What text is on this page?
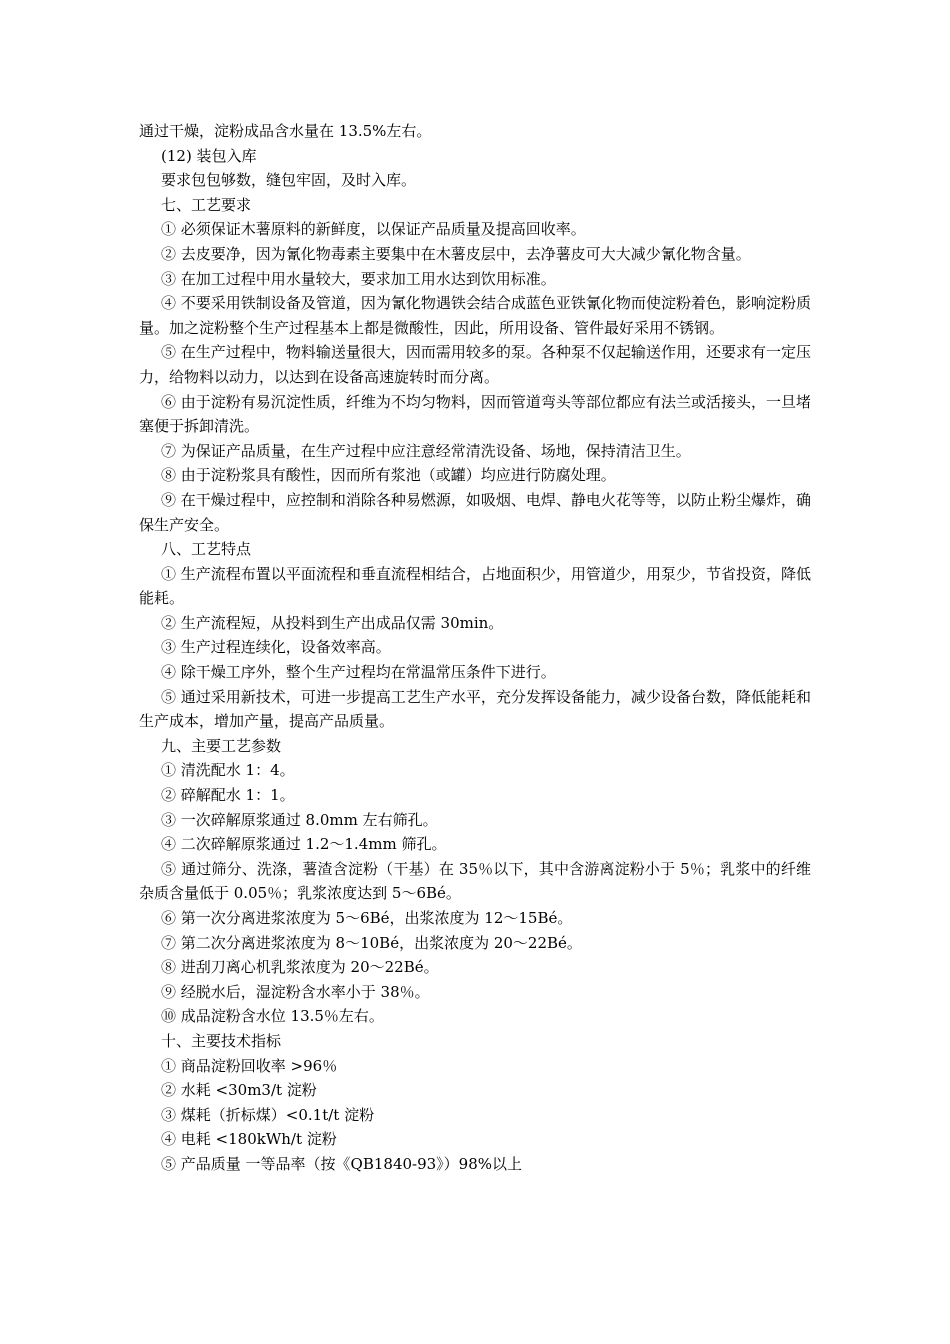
通过干燥，淀粉成品含水量在 13.5%左右。

(12) 装包入库

要求包包够数，缝包牢固，及时入库。

七、工艺要求

① 必须保证木薯原料的新鲜度，以保证产品质量及提高回收率。

② 去皮要净，因为氰化物毒素主要集中在木薯皮层中，去净薯皮可大大减少氰化物含量。

③ 在加工过程中用水量较大，要求加工用水达到饮用标准。

④ 不要采用铁制设备及管道，因为氰化物遇铁会结合成蓝色亚铁氰化物而使淀粉着色，影响淀粉质量。加之淀粉整个生产过程基本上都是微酸性，因此，所用设备、管件最好采用不锈钢。

⑤ 在生产过程中，物料输送量很大，因而需用较多的泵。各种泵不仅起输送作用，还要求有一定压力，给物料以动力，以达到在设备高速旋转时而分离。

⑥ 由于淀粉有易沉淀性质，纤维为不均匀物料，因而管道弯头等部位都应有法兰或活接头，一旦堵塞便于拆卸清洗。

⑦ 为保证产品质量，在生产过程中应注意经常清洗设备、场地，保持清洁卫生。

⑧ 由于淀粉浆具有酸性，因而所有浆池（或罐）均应进行防腐处理。

⑨ 在干燥过程中，应控制和消除各种易燃源，如吸烟、电焊、静电火花等等，以防止粉尘爆炸，确保生产安全。

八、工艺特点

① 生产流程布置以平面流程和垂直流程相结合，占地面积少，用管道少，用泵少，节省投资，降低能耗。

② 生产流程短，从投料到生产出成品仅需 30min。

③ 生产过程连续化，设备效率高。

④ 除干燥工序外，整个生产过程均在常温常压条件下进行。

⑤ 通过采用新技术，可进一步提高工艺生产水平，充分发挥设备能力，减少设备台数，降低能耗和生产成本，增加产量，提高产品质量。

九、主要工艺参数

① 清洗配水 1：4。

② 碎解配水 1：1。

③ 一次碎解原浆通过 8.0mm 左右筛孔。

④ 二次碎解原浆通过 1.2～1.4mm 筛孔。

⑤ 通过筛分、洗涤，薯渣含淀粉（干基）在 35％以下，其中含游离淀粉小于 5％；乳浆中的纤维杂质含量低于 0.05％；乳浆浓度达到 5～6Bé。

⑥ 第一次分离进浆浓度为 5～6Bé，出浆浓度为 12～15Bé。

⑦ 第二次分离进浆浓度为 8～10Bé，出浆浓度为 20～22Bé。

⑧ 进刮刀离心机乳浆浓度为 20～22Bé。

⑨ 经脱水后，湿淀粉含水率小于 38％。

⑩ 成品淀粉含水位 13.5％左右。

十、主要技术指标

① 商品淀粉回收率 >96％

② 水耗 <30m3/t 淀粉

③ 煤耗（折标煤）<0.1t/t 淀粉

④ 电耗 <180kWh/t 淀粉

⑤ 产品质量 一等品率（按《QB1840-93》）98%以上
